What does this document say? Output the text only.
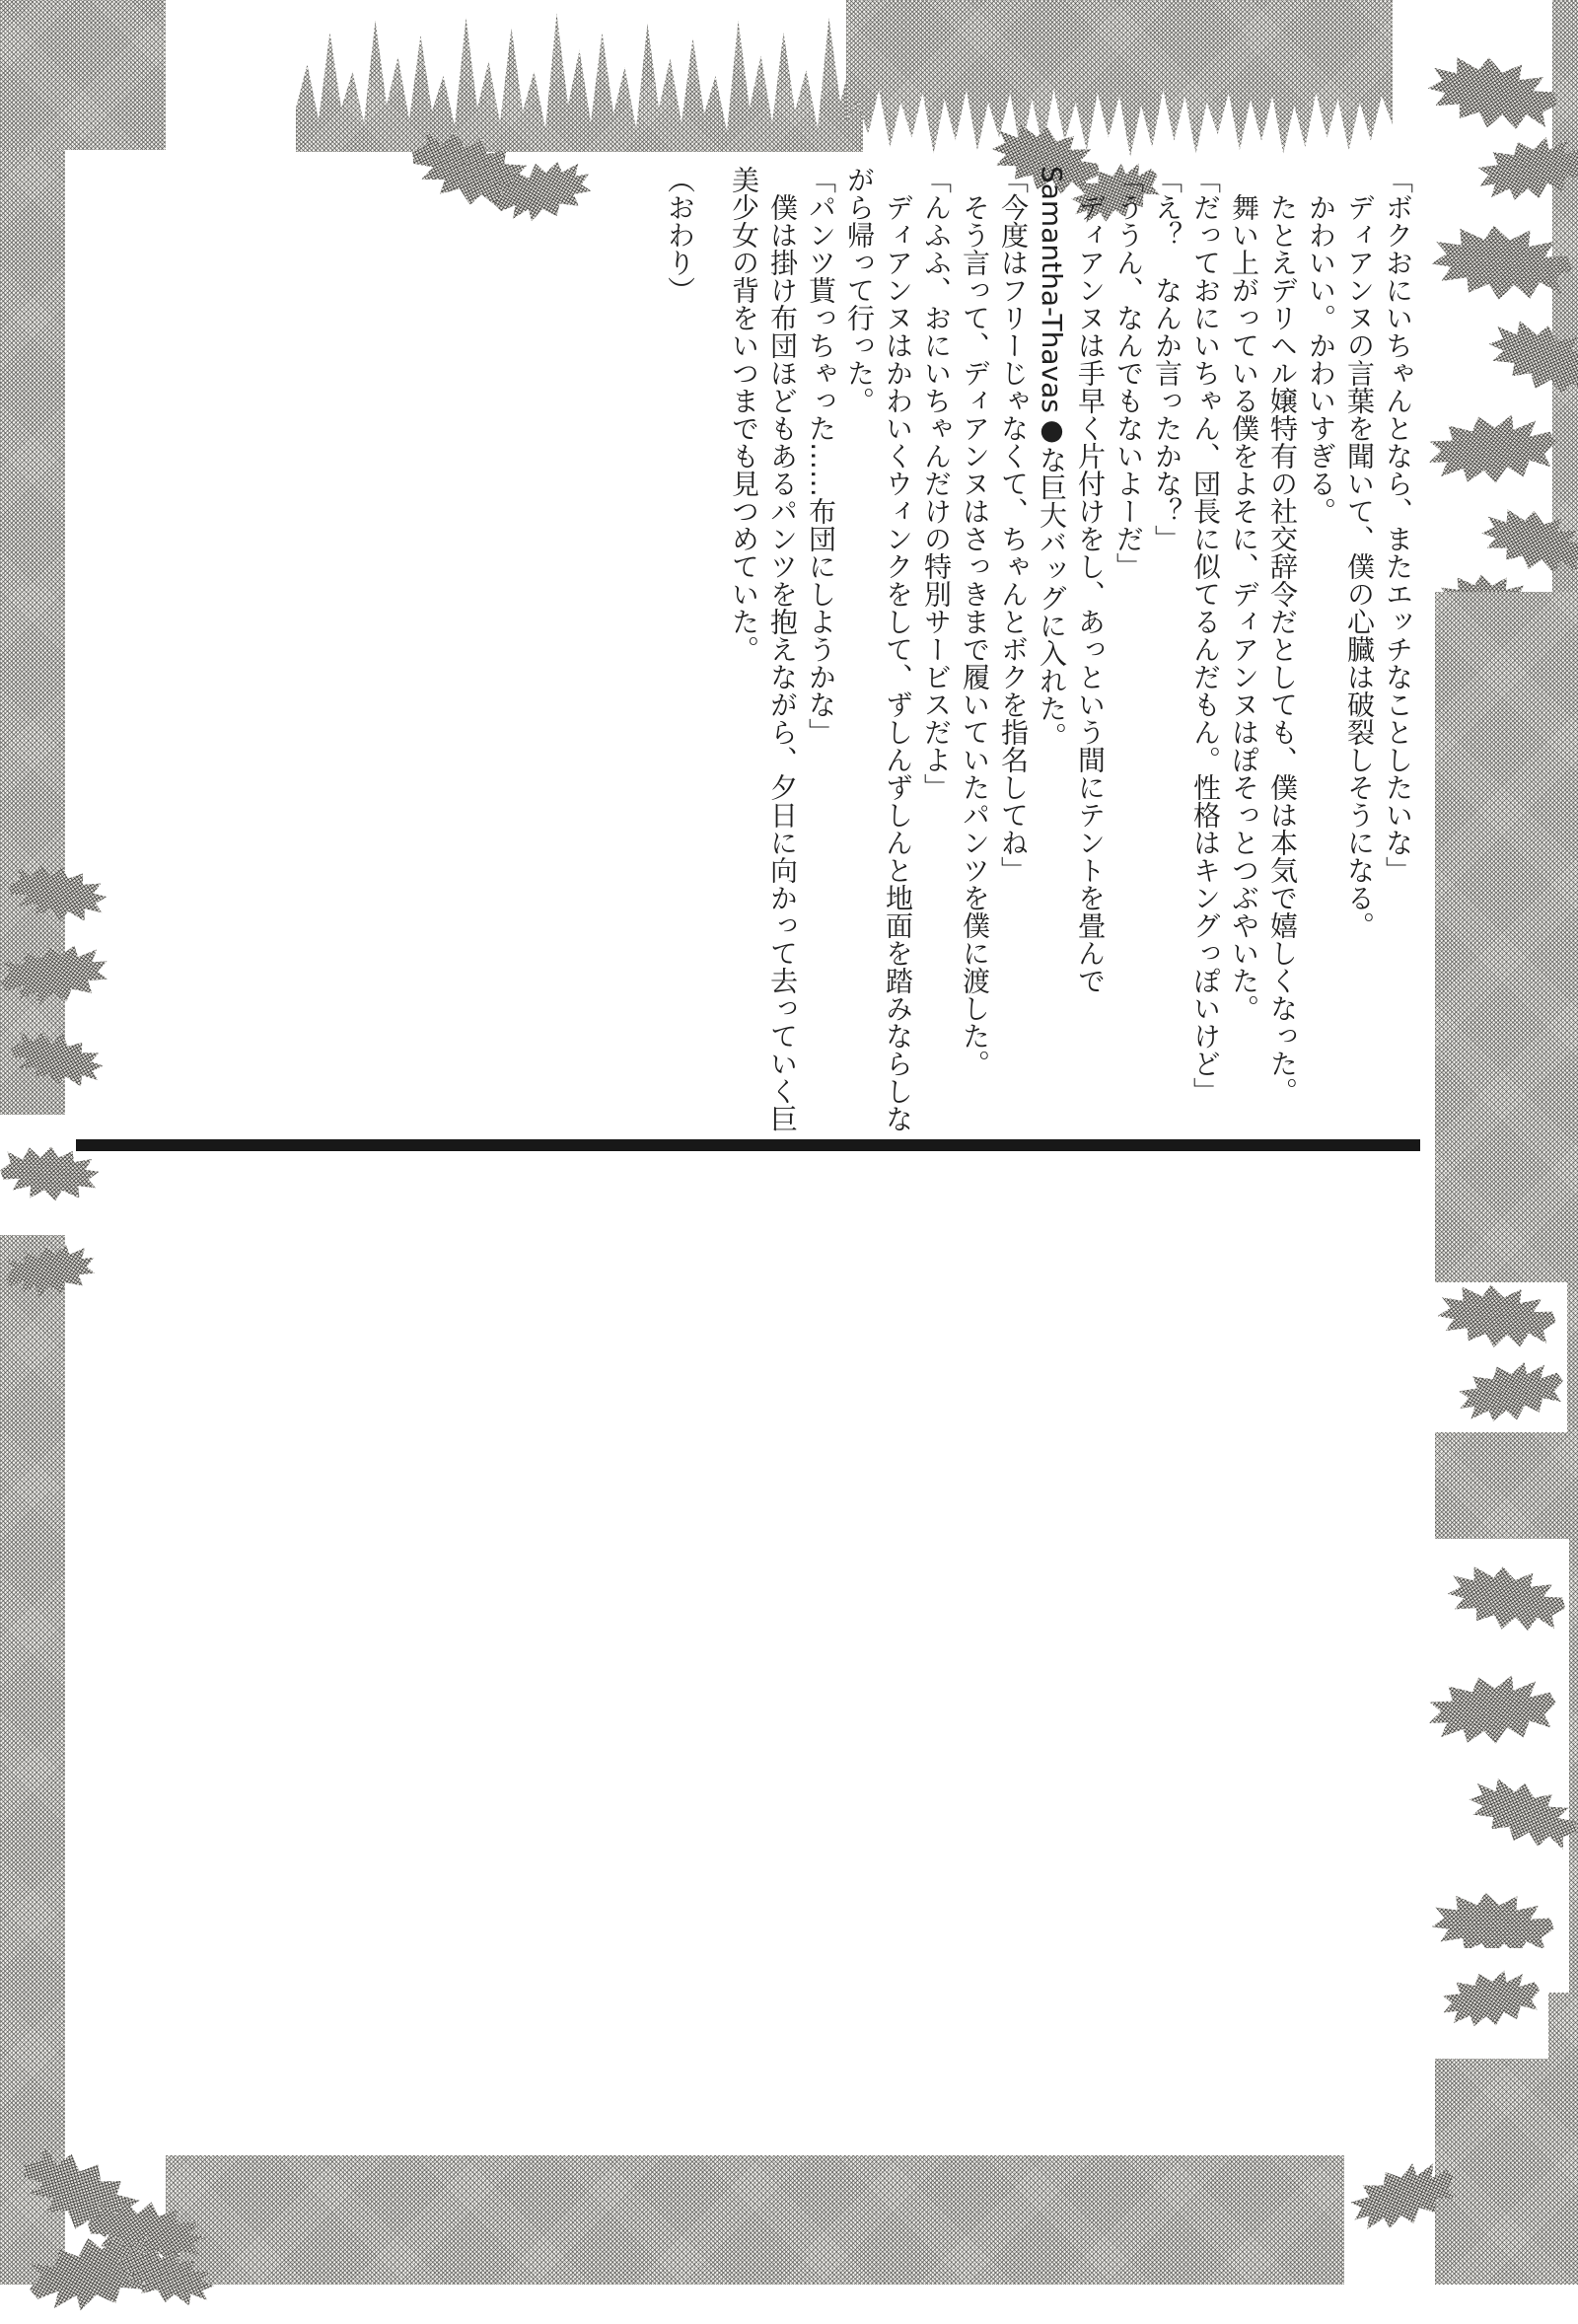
「ボクおにいちゃんとなら、またエッチなことしたいな」

　ディアンヌの言葉を聞いて、僕の心臓は破裂しそうになる。

　かわいい。かわいすぎる。

　たとえデリヘル嬢特有の社交辞令だとしても、僕は本気で嬉しくなった。

　舞い上がっている僕をよそに、ディアンヌはぽそっとつぶやいた。

「だっておにいちゃん、団長に似てるんだもん。性格はキングっぽいけど」

「え？　なんか言ったかな？」

「ううん、なんでもないよーだ」

　ディアンヌは手早く片付けをし、あっという間にテントを畳んでSamantha-Thavas●な巨大バッグに入れた。

「今度はフリーじゃなくて、ちゃんとボクを指名してね」

　そう言って、ディアンヌはさっきまで履いていたパンツを僕に渡した。

「んふふ、おにいちゃんだけの特別サービスだよ」

　ディアンヌはかわいくウィンクをして、ずしんずしんと地面を踏みならしながら帰って行った。

「パンツ貰っちゃった……布団にしようかな」

　僕は掛け布団ほどもあるパンツを抱えながら、夕日に向かって去っていく巨美少女の背をいつまでも見つめていた。

（おわり）
